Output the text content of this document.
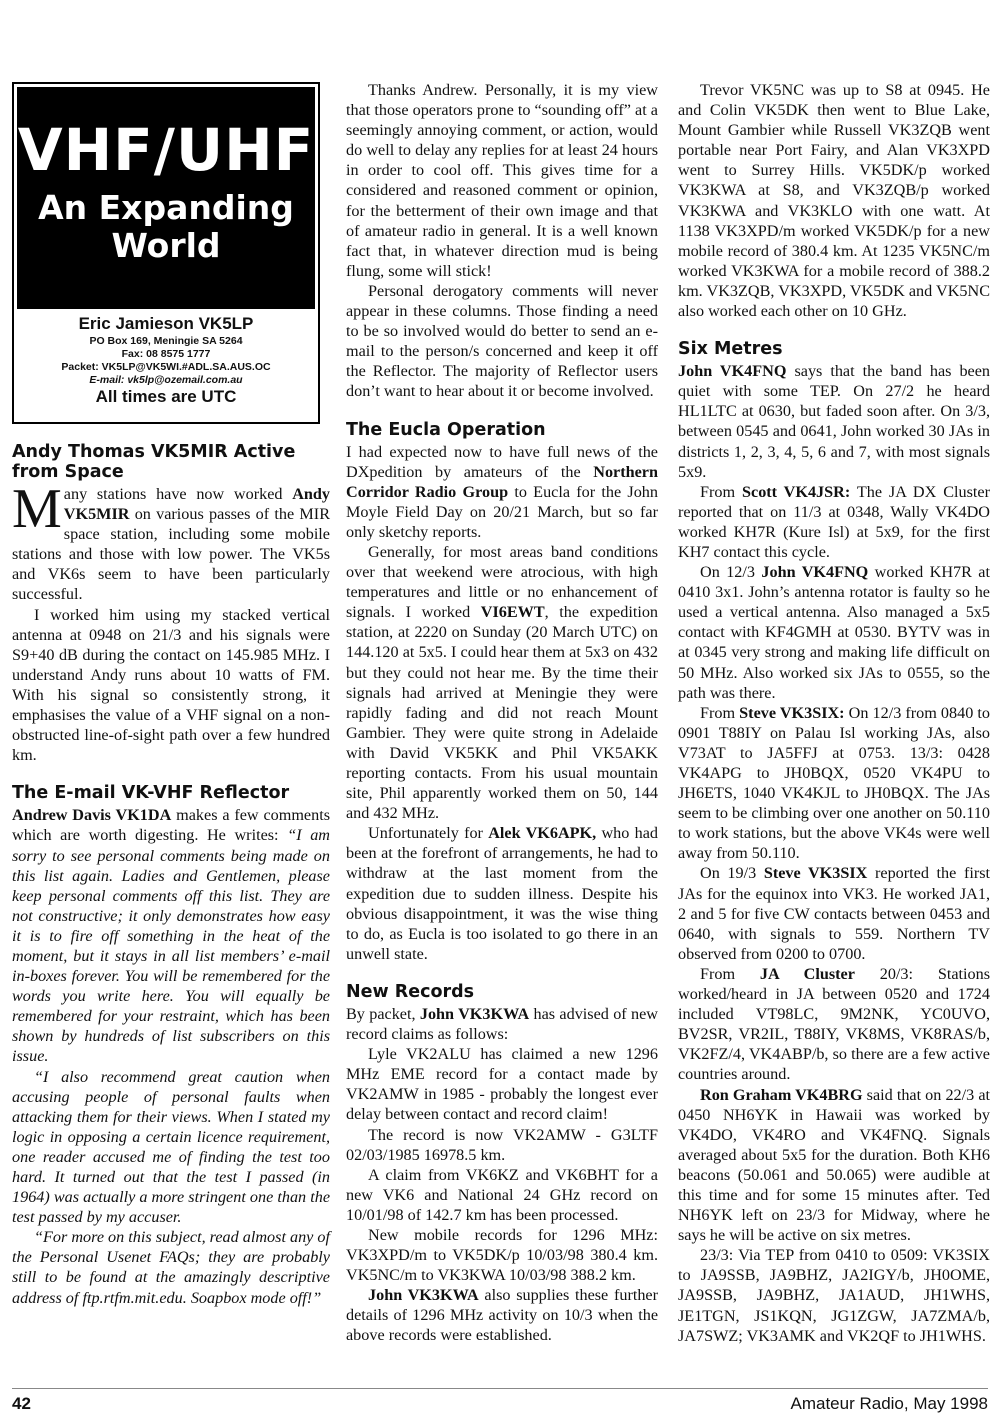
VHF/UHF
An Expanding
World
Eric Jamieson VK5LP
PO Box 169, Meningie SA 5264
Fax: 08 8575 1777
Packet: VK5LP@VK5WI.#ADL.SA.AUS.OC
E-mail: vk5lp@ozemail.com.au
All times are UTC
Andy Thomas VK5MIR Active from Space

Many stations have now worked Andy VK5MIR on various passes of the MIR space station, including some mobile stations and those with low power. The VK5s and VK6s seem to have been particularly successful.

I worked him using my stacked vertical antenna at 0948 on 21/3 and his signals were S9+40 dB during the contact on 145.985 MHz. I understand Andy runs about 10 watts of FM. With his signal so consistently strong, it emphasises the value of a VHF signal on a non-obstructed line-of-sight path over a few hundred km.

The E-mail VK-VHF Reflector

Andrew Davis VK1DA makes a few comments which are worth digesting. He writes: “I am sorry to see personal comments being made on this list again. Ladies and Gentlemen, please keep personal comments off this list. They are not constructive; it only demonstrates how easy it is to fire off something in the heat of the moment, but it stays in all list members’ e-mail in-boxes forever. You will be remembered for the words you write here. You will equally be remembered for your restraint, which has been shown by hundreds of list subscribers on this issue.

“I also recommend great caution when accusing people of personal faults when attacking them for their views. When I stated my logic in opposing a certain licence requirement, one reader accused me of finding the test too hard. It turned out that the test I passed (in 1964) was actually a more stringent one than the test passed by my accuser.

“For more on this subject, read almost any of the Personal Usenet FAQs; they are probably still to be found at the amazingly descriptive address of ftp.rtfm.mit.edu. Soapbox mode off!”

Thanks Andrew. Personally, it is my view that those operators prone to “sounding off” at a seemingly annoying comment, or action, would do well to delay any replies for at least 24 hours in order to cool off. This gives time for a considered and reasoned comment or opinion, for the betterment of their own image and that of amateur radio in general. It is a well known fact that, in whatever direction mud is being flung, some will stick!

Personal derogatory comments will never appear in these columns. Those finding a need to be so involved would do better to send an e-mail to the person/s concerned and keep it off the Reflector. The majority of Reflector users don’t want to hear about it or become involved.

The Eucla Operation

I had expected now to have full news of the DXpedition by amateurs of the Northern Corridor Radio Group to Eucla for the John Moyle Field Day on 20/21 March, but so far only sketchy reports.

Generally, for most areas band conditions over that weekend were atrocious, with high temperatures and little or no enhancement of signals. I worked VI6EWT, the expedition station, at 2220 on Sunday (20 March UTC) on 144.120 at 5x5. I could hear them at 5x3 on 432 but they could not hear me. By the time their signals had arrived at Meningie they were rapidly fading and did not reach Mount Gambier. They were quite strong in Adelaide with David VK5KK and Phil VK5AKK reporting contacts. From his usual mountain site, Phil apparently worked them on 50, 144 and 432 MHz.

Unfortunately for Alek VK6APK, who had been at the forefront of arrangements, he had to withdraw at the last moment from the expedition due to sudden illness. Despite his obvious disappointment, it was the wise thing to do, as Eucla is too isolated to go there in an unwell state.

New Records

By packet, John VK3KWA has advised of new record claims as follows:

Lyle VK2ALU has claimed a new 1296 MHz EME record for a contact made by VK2AMW in 1985 - probably the longest ever delay between contact and record claim!

The record is now VK2AMW - G3LTF 02/03/1985 16978.5 km.

A claim from VK6KZ and VK6BHT for a new VK6 and National 24 GHz record on 10/01/98 of 142.7 km has been processed.

New mobile records for 1296 MHz: VK3XPD/m to VK5DK/p 10/03/98 380.4 km. VK5NC/m to VK3KWA 10/03/98 388.2 km.

John VK3KWA also supplies these further details of 1296 MHz activity on 10/3 when the above records were established.

Trevor VK5NC was up to S8 at 0945. He and Colin VK5DK then went to Blue Lake, Mount Gambier while Russell VK3ZQB went portable near Port Fairy, and Alan VK3XPD went to Surrey Hills. VK5DK/p worked VK3KWA at S8, and VK3ZQB/p worked VK3KWA and VK3KLO with one watt. At 1138 VK3XPD/m worked VK5DK/p for a new mobile record of 380.4 km. At 1235 VK5NC/m worked VK3KWA for a mobile record of 388.2 km. VK3ZQB, VK3XPD, VK5DK and VK5NC also worked each other on 10 GHz.

Six Metres

John VK4FNQ says that the band has been quiet with some TEP. On 27/2 he heard HL1LTC at 0630, but faded soon after. On 3/3, between 0545 and 0641, John worked 30 JAs in districts 1, 2, 3, 4, 5, 6 and 7, with most signals 5x9.

From Scott VK4JSR: The JA DX Cluster reported that on 11/3 at 0348, Wally VK4DO worked KH7R (Kure Isl) at 5x9, for the first KH7 contact this cycle.

On 12/3 John VK4FNQ worked KH7R at 0410 3x1. John’s antenna rotator is faulty so he used a vertical antenna. Also managed a 5x5 contact with KF4GMH at 0530. BYTV was in at 0345 very strong and making life difficult on 50 MHz. Also worked six JAs to 0555, so the path was there.

From Steve VK3SIX: On 12/3 from 0840 to 0901 T88IY on Palau Isl working JAs, also V73AT to JA5FFJ at 0753. 13/3: 0428 VK4APG to JH0BQX, 0520 VK4PU to JH6ETS, 1040 VK4KJL to JH0BQX. The JAs seem to be climbing over one another on 50.110 to work stations, but the above VK4s were well away from 50.110.

On 19/3 Steve VK3SIX reported the first JAs for the equinox into VK3. He worked JA1, 2 and 5 for five CW contacts between 0453 and 0640, with signals to 559. Northern TV observed from 0200 to 0700.

From JA Cluster 20/3: Stations worked/heard in JA between 0520 and 1724 included VT98LC, 9M2NK, YC0UVO, BV2SR, VR2IL, T88IY, VK8MS, VK8RAS/b, VK2FZ/4, VK4ABP/b, so there are a few active countries around.

Ron Graham VK4BRG said that on 22/3 at 0450 NH6YK in Hawaii was worked by VK4DO, VK4RO and VK4FNQ. Signals averaged about 5x5 for the duration. Both KH6 beacons (50.061 and 50.065) were audible at this time and for some 15 minutes after. Ted NH6YK left on 23/3 for Midway, where he says he will be active on six metres.

23/3: Via TEP from 0410 to 0509: VK3SIX to JA9SSB, JA9BHZ, JA2IGY/b, JH0OME, JA9SSB, JA9BHZ, JA1AUD, JH1WHS, JE1TGN, JS1KQN, JG1ZGW, JA7ZMA/b, JA7SWZ; VK3AMK and VK2QF to JH1WHS.

42	Amateur Radio, May 1998
